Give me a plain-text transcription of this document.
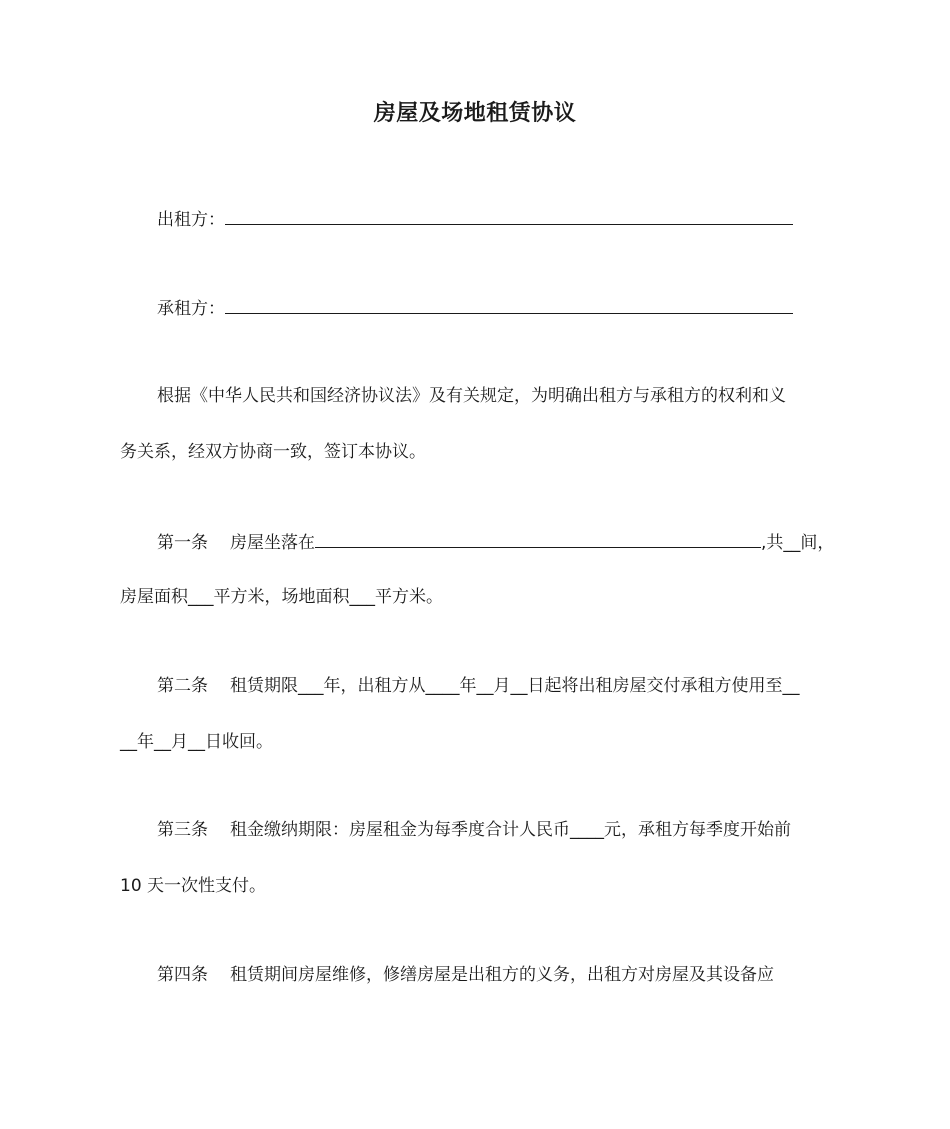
房屋及场地租赁协议
出租方：
承租方：
根据《中华人民共和国经济协议法》及有关规定，为明确出租方与承租方的权利和义
务关系，经双方协商一致，签订本协议。
第一条 房屋坐落在	,共__间，
房屋面积___平方米，场地面积___平方米。
第二条 租赁期限___年，出租方从____年__月__日起将出租房屋交付承租方使用至__
__年__月__日收回。
第三条 租金缴纳期限：房屋租金为每季度合计人民币____元，承租方每季度开始前
10 天一次性支付。
第四条 租赁期间房屋维修，修缮房屋是出租方的义务，出租方对房屋及其设备应
